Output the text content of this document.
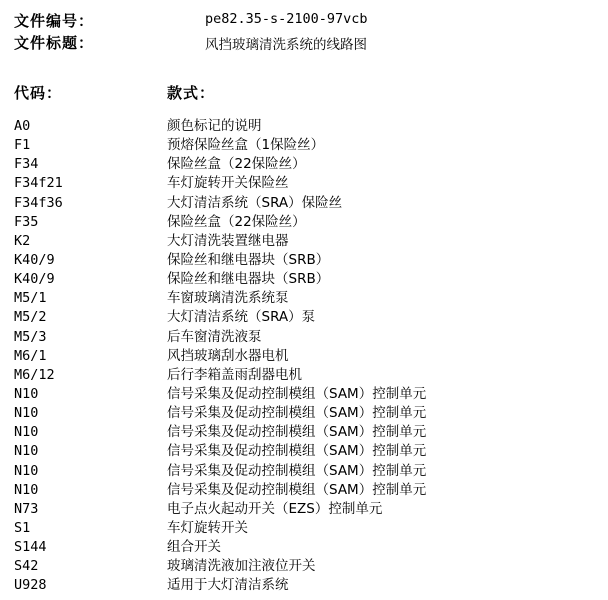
文件编号：	pe82.35-s-2100-97vcb
文件标题：	风挡玻璃清洗系统的线路图
代码：	款式：
A0	颜色标记的说明
F1	预熔保险丝盒（1保险丝）
F34	保险丝盒（22保险丝）
F34f21	车灯旋转开关保险丝
F34f36	大灯清洁系统（SRA）保险丝
F35	保险丝盒（22保险丝）
K2	大灯清洗装置继电器
K40/9	保险丝和继电器块（SRB）
K40/9	保险丝和继电器块（SRB）
M5/1	车窗玻璃清洗系统泵
M5/2	大灯清洁系统（SRA）泵
M5/3	后车窗清洗液泵
M6/1	风挡玻璃刮水器电机
M6/12	后行李箱盖雨刮器电机
N10	信号采集及促动控制模组（SAM）控制单元
N10	信号采集及促动控制模组（SAM）控制单元
N10	信号采集及促动控制模组（SAM）控制单元
N10	信号采集及促动控制模组（SAM）控制单元
N10	信号采集及促动控制模组（SAM）控制单元
N10	信号采集及促动控制模组（SAM）控制单元
N73	电子点火起动开关（EZS）控制单元
S1	车灯旋转开关
S144	组合开关
S42	玻璃清洗液加注液位开关
U928	适用于大灯清洁系统
